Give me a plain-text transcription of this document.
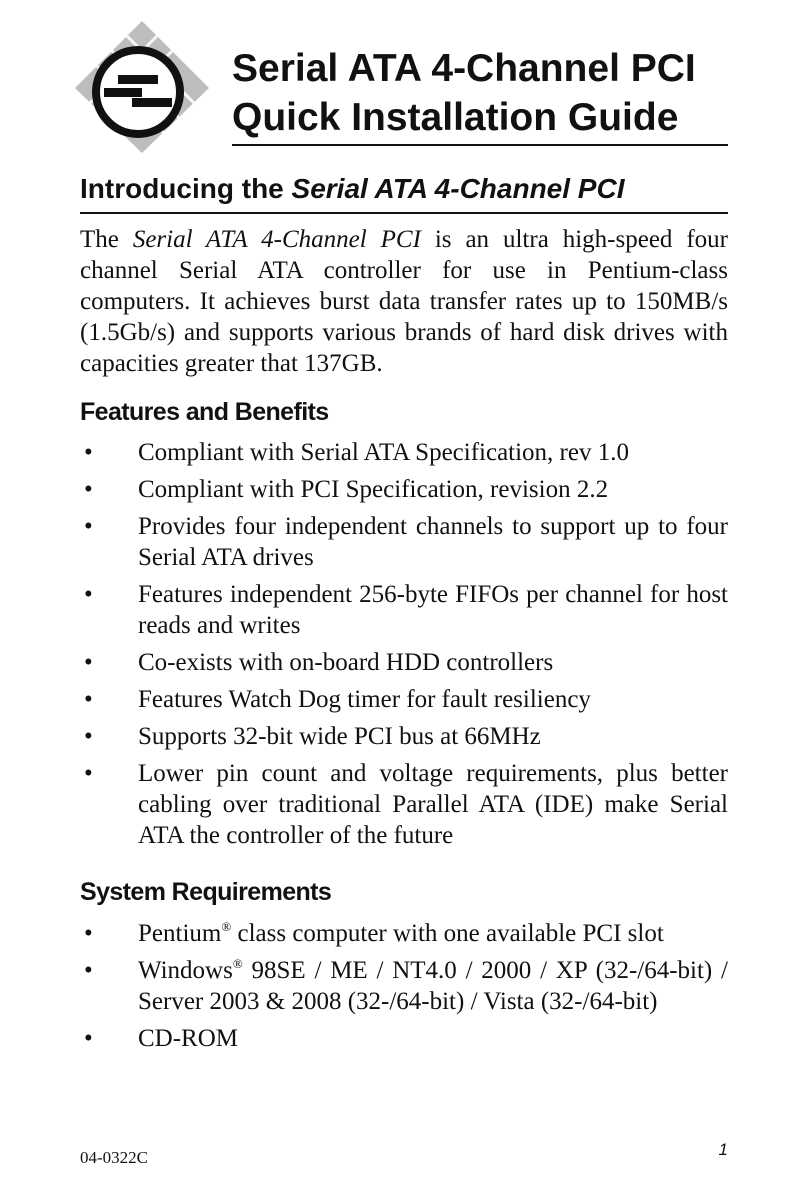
Serial ATA 4-Channel PCI
Quick Installation Guide
Introducing the Serial ATA 4-Channel PCI
The Serial ATA 4-Channel PCI is an ultra high-speed four channel Serial ATA controller for use in Pentium-class computers. It achieves burst data transfer rates up to 150MB/s (1.5Gb/s) and supports various brands of hard disk drives with capacities greater that 137GB.
Features and Benefits
• Compliant with Serial ATA Specification, rev 1.0
• Compliant with PCI Specification, revision 2.2
• Provides four independent channels to support up to four Serial ATA drives
• Features independent 256-byte FIFOs per channel for host reads and writes
• Co-exists with on-board HDD controllers
• Features Watch Dog timer for fault resiliency
• Supports 32-bit wide PCI bus at 66MHz
• Lower pin count and voltage requirements, plus better cabling over traditional Parallel ATA (IDE) make Serial ATA the controller of the future
System Requirements
• Pentium® class computer with one available PCI slot
• Windows® 98SE / ME / NT4.0 / 2000 / XP (32-/64-bit) / Server 2003 & 2008 (32-/64-bit) / Vista (32-/64-bit)
• CD-ROM
04-0322C	1
